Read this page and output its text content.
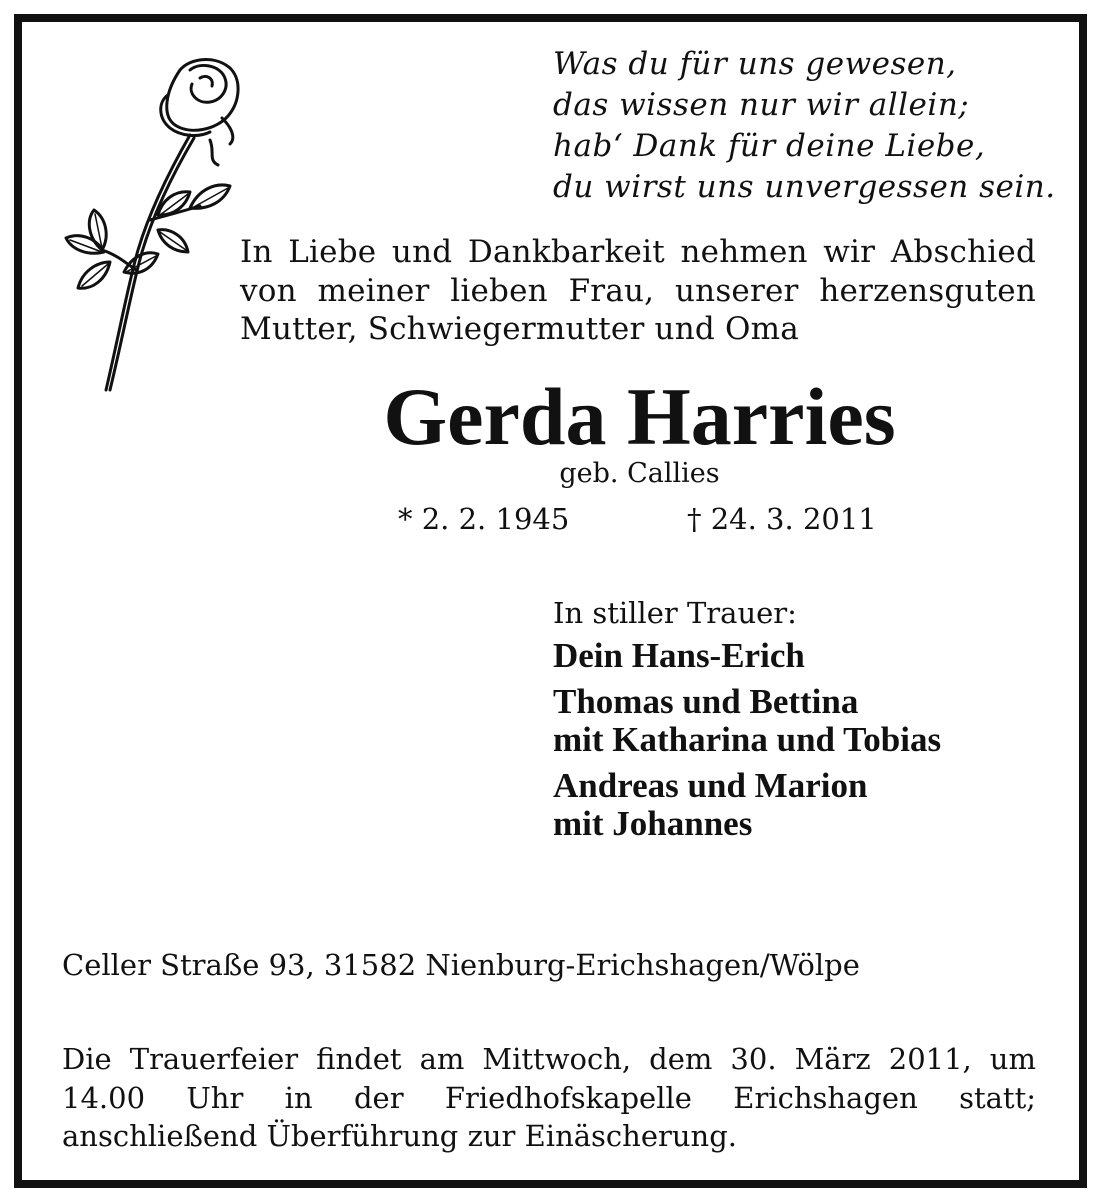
Was du für uns gewesen,
das wissen nur wir allein;
hab‘ Dank für deine Liebe,
du wirst uns unvergessen sein.
In Liebe und Dankbarkeit nehmen wir Abschied von meiner lieben Frau, unserer herzensguten Mutter, Schwiegermutter und Oma
Gerda Harries
geb. Callies
* 2. 2. 1945	† 24. 3. 2011
In stiller Trauer:
Dein Hans-Erich
Thomas und Bettina
mit Katharina und Tobias
Andreas und Marion
mit Johannes
Celler Straße 93, 31582 Nienburg-Erichshagen/Wölpe
Die Trauerfeier findet am Mittwoch, dem 30. März 2011, um 14.00 Uhr in der Friedhofskapelle Erichshagen statt; anschließend Überführung zur Einäscherung.
